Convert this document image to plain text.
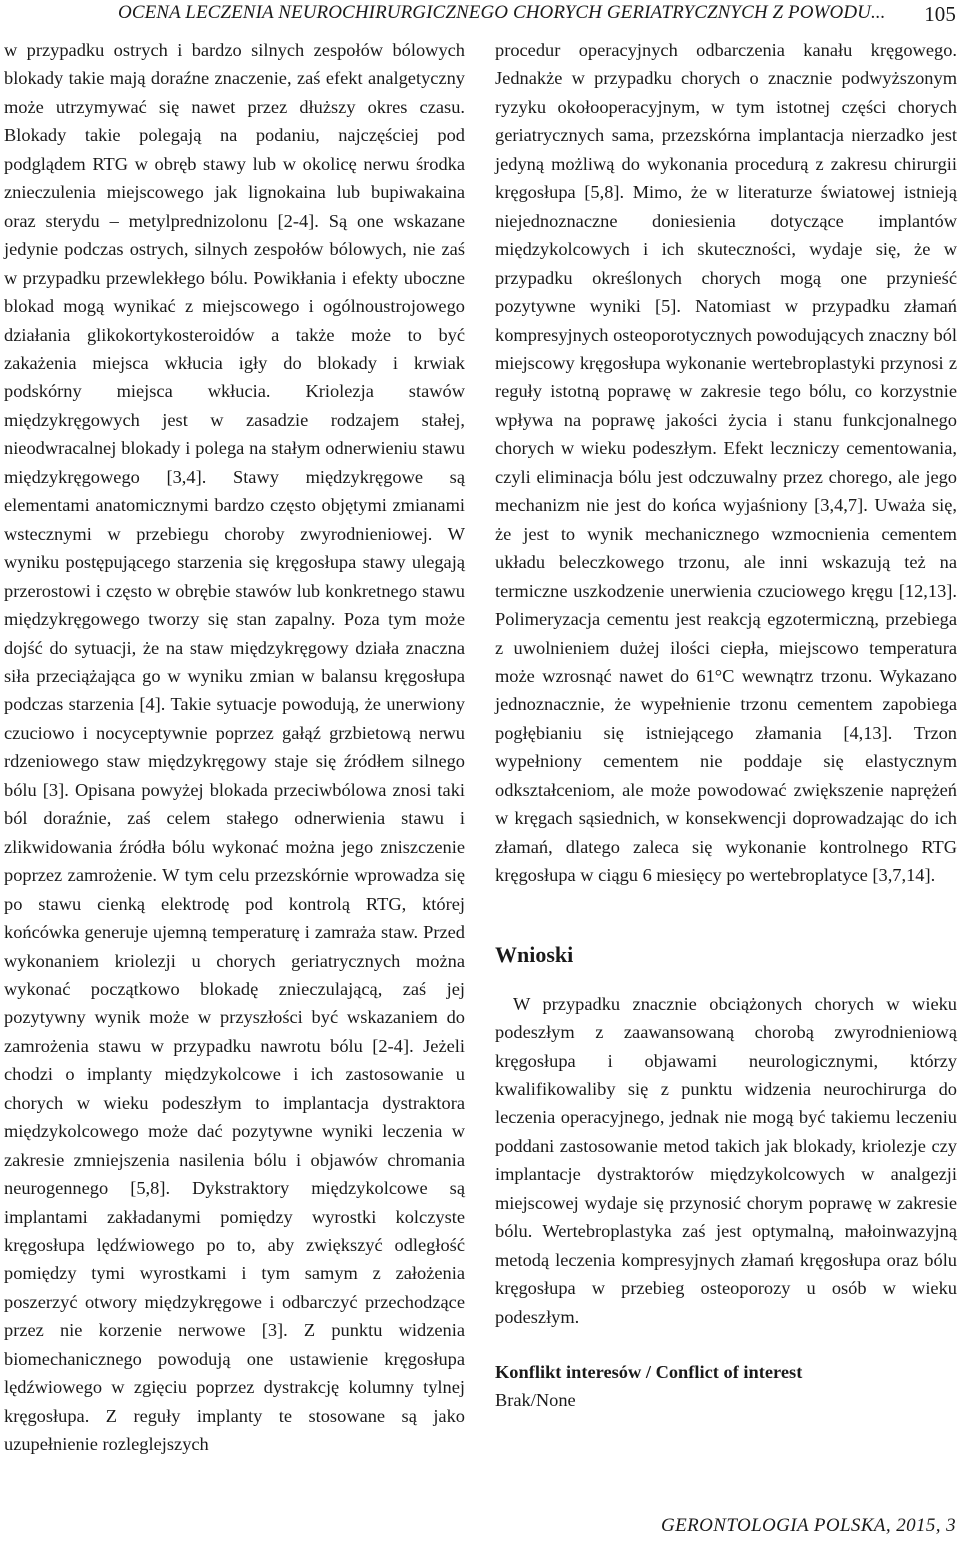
OCENA LECZENIA NEUROCHIRURGICZNEGO CHORYCH GERIATRYCZNYCH Z POWODU... 105

w przypadku ostrych i bardzo silnych zespołów bólowych blokady takie mają doraźne znaczenie, zaś efekt analgetyczny może utrzymywać się nawet przez dłuższy okres czasu. Blokady takie polegają na podaniu, najczęściej pod podglądem RTG w obręb stawy lub w okolicę nerwu środka znieczulenia miejscowego jak lignokaina lub bupiwakaina oraz sterydu – metylprednizolonu [2-4]. Są one wskazane jedynie podczas ostrych, silnych zespołów bólowych, nie zaś w przypadku przewlekłego bólu. Powikłania i efekty uboczne blokad mogą wynikać z miejscowego i ogólnoustrojowego działania glikokortykosteroidów a także może to być zakażenia miejsca wkłucia igły do blokady i krwiak podskórny miejsca wkłucia. Kriolezja stawów międzykręgowych jest w zasadzie rodzajem stałej, nieodwracalnej blokady i polega na stałym odnerwieniu stawu międzykręgowego [3,4]. Stawy międzykręgowe są elementami anatomicznymi bardzo często objętymi zmianami wstecznymi w przebiegu choroby zwyrodnieniowej. W wyniku postępującego starzenia się kręgosłupa stawy ulegają przerostowi i często w obrębie stawów lub konkretnego stawu międzykręgowego tworzy się stan zapalny. Poza tym może dojść do sytuacji, że na staw międzykręgowy działa znaczna siła przeciążająca go w wyniku zmian w balansu kręgosłupa podczas starzenia [4]. Takie sytuacje powodują, że unerwiony czuciowo i nocyceptywnie poprzez gałąź grzbietową nerwu rdzeniowego staw międzykręgowy staje się źródłem silnego bólu [3]. Opisana powyżej blokada przeciwbólowa znosi taki ból doraźnie, zaś celem stałego odnerwienia stawu i zlikwidowania źródła bólu wykonać można jego zniszczenie poprzez zamrożenie. W tym celu przezskórnie wprowadza się po stawu cienką elektrodę pod kontrolą RTG, której końcówka generuje ujemną temperaturę i zamraża staw. Przed wykonaniem kriolezji u chorych geriatrycznych można wykonać początkowo blokadę znieczulającą, zaś jej pozytywny wynik może w przyszłości być wskazaniem do zamrożenia stawu w przypadku nawrotu bólu [2-4]. Jeżeli chodzi o implanty międzykolcowe i ich zastosowanie u chorych w wieku podeszłym to implantacja dystraktora międzykolcowego może dać pozytywne wyniki leczenia w zakresie zmniejszenia nasilenia bólu i objawów chromania neurogennego [5,8]. Dykstraktory międzykolcowe są implantami zakładanymi pomiędzy wyrostki kolczyste kręgosłupa lędźwiowego po to, aby zwiększyć odległość pomiędzy tymi wyrostkami i tym samym z założenia poszerzyć otwory międzykręgowe i odbarczyć przechodzące przez nie korzenie nerwowe [3]. Z punktu widzenia biomechanicznego powodują one ustawienie kręgosłupa lędźwiowego w zgięciu poprzez dystrakcję kolumny tylnej kręgosłupa. Z reguły implanty te stosowane są jako uzupełnienie rozleglejszych

procedur operacyjnych odbarczenia kanału kręgowego. Jednakże w przypadku chorych o znacznie podwyższonym ryzyku okołooperacyjnym, w tym istotnej części chorych geriatrycznych sama, przezskórna implantacja nierzadko jest jedyną możliwą do wykonania procedurą z zakresu chirurgii kręgosłupa [5,8]. Mimo, że w literaturze światowej istnieją niejednoznaczne doniesienia dotyczące implantów międzykolcowych i ich skuteczności, wydaje się, że w przypadku określonych chorych mogą one przynieść pozytywne wyniki [5]. Natomiast w przypadku złamań kompresyjnych osteoporotycznych powodujących znaczny ból miejscowy kręgosłupa wykonanie wertebroplastyki przynosi z reguły istotną poprawę w zakresie tego bólu, co korzystnie wpływa na poprawę jakości życia i stanu funkcjonalnego chorych w wieku podeszłym. Efekt leczniczy cementowania, czyli eliminacja bólu jest odczuwalny przez chorego, ale jego mechanizm nie jest do końca wyjaśniony [3,4,7]. Uważa się, że jest to wynik mechanicznego wzmocnienia cementem układu beleczkowego trzonu, ale inni wskazują też na termiczne uszkodzenie unerwienia czuciowego kręgu [12,13]. Polimeryzacja cementu jest reakcją egzotermiczną, przebiega z uwolnieniem dużej ilości ciepła, miejscowo temperatura może wzrosnąć nawet do 61°C wewnątrz trzonu. Wykazano jednoznacznie, że wypełnienie trzonu cementem zapobiega pogłębianiu się istniejącego złamania [4,13]. Trzon wypełniony cementem nie poddaje się elastycznym odkształceniom, ale może powodować zwiększenie naprężeń w kręgach sąsiednich, w konsekwencji doprowadzając do ich złamań, dlatego zaleca się wykonanie kontrolnego RTG kręgosłupa w ciągu 6 miesięcy po wertebroplatyce [3,7,14].

Wnioski

W przypadku znacznie obciążonych chorych w wieku podeszłym z zaawansowaną chorobą zwyrodnieniową kręgosłupa i objawami neurologicznymi, którzy kwalifikowaliby się z punktu widzenia neurochirurga do leczenia operacyjnego, jednak nie mogą być takiemu leczeniu poddani zastosowanie metod takich jak blokady, kriolezje czy implantacje dystraktorów międzykolcowych w analgezji miejscowej wydaje się przynosić chorym poprawę w zakresie bólu. Wertebroplastyka zaś jest optymalną, małoinwazyjną metodą leczenia kompresyjnych złamań kręgosłupa oraz bólu kręgosłupa w przebieg osteoporozy u osób w wieku podeszłym.

Konflikt interesów / Conflict of interest
Brak/None
GERONTOLOGIA POLSKA, 2015, 3
